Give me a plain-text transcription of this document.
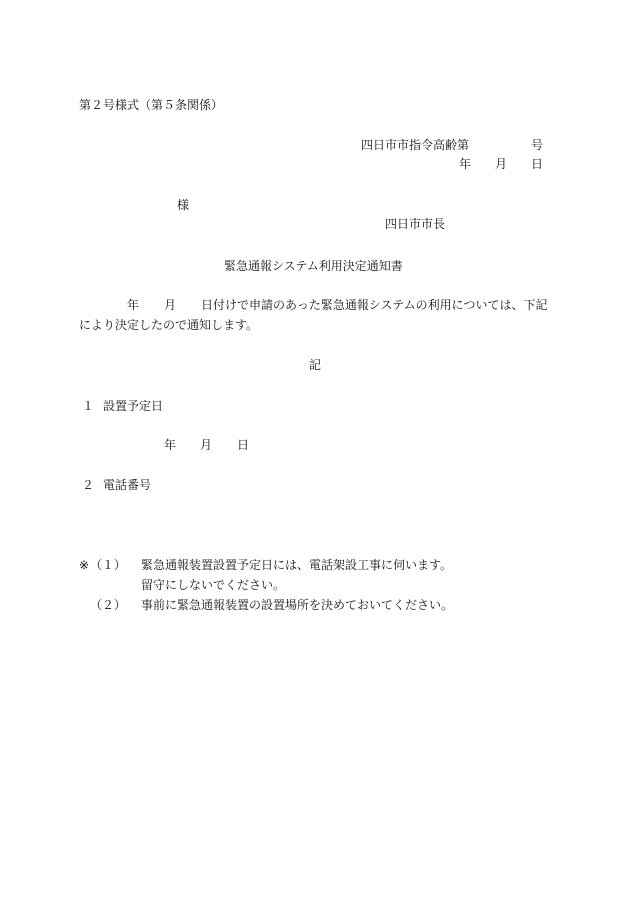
第２号様式（第５条関係）
四日市市指令高齢第	号
年 月 日
様
四日市市長
緊急通報システム利用決定通知書
年 月 日付けで申請のあった緊急通報システムの利用については、下記
により決定したので通知します。
記
１ 設置予定日
年 月 日
２ 電話番号
※ （１） 緊急通報装置設置予定日には、電話架設工事に伺います。
留守にしないでください。
（２） 事前に緊急通報装置の設置場所を決めておいてください。
